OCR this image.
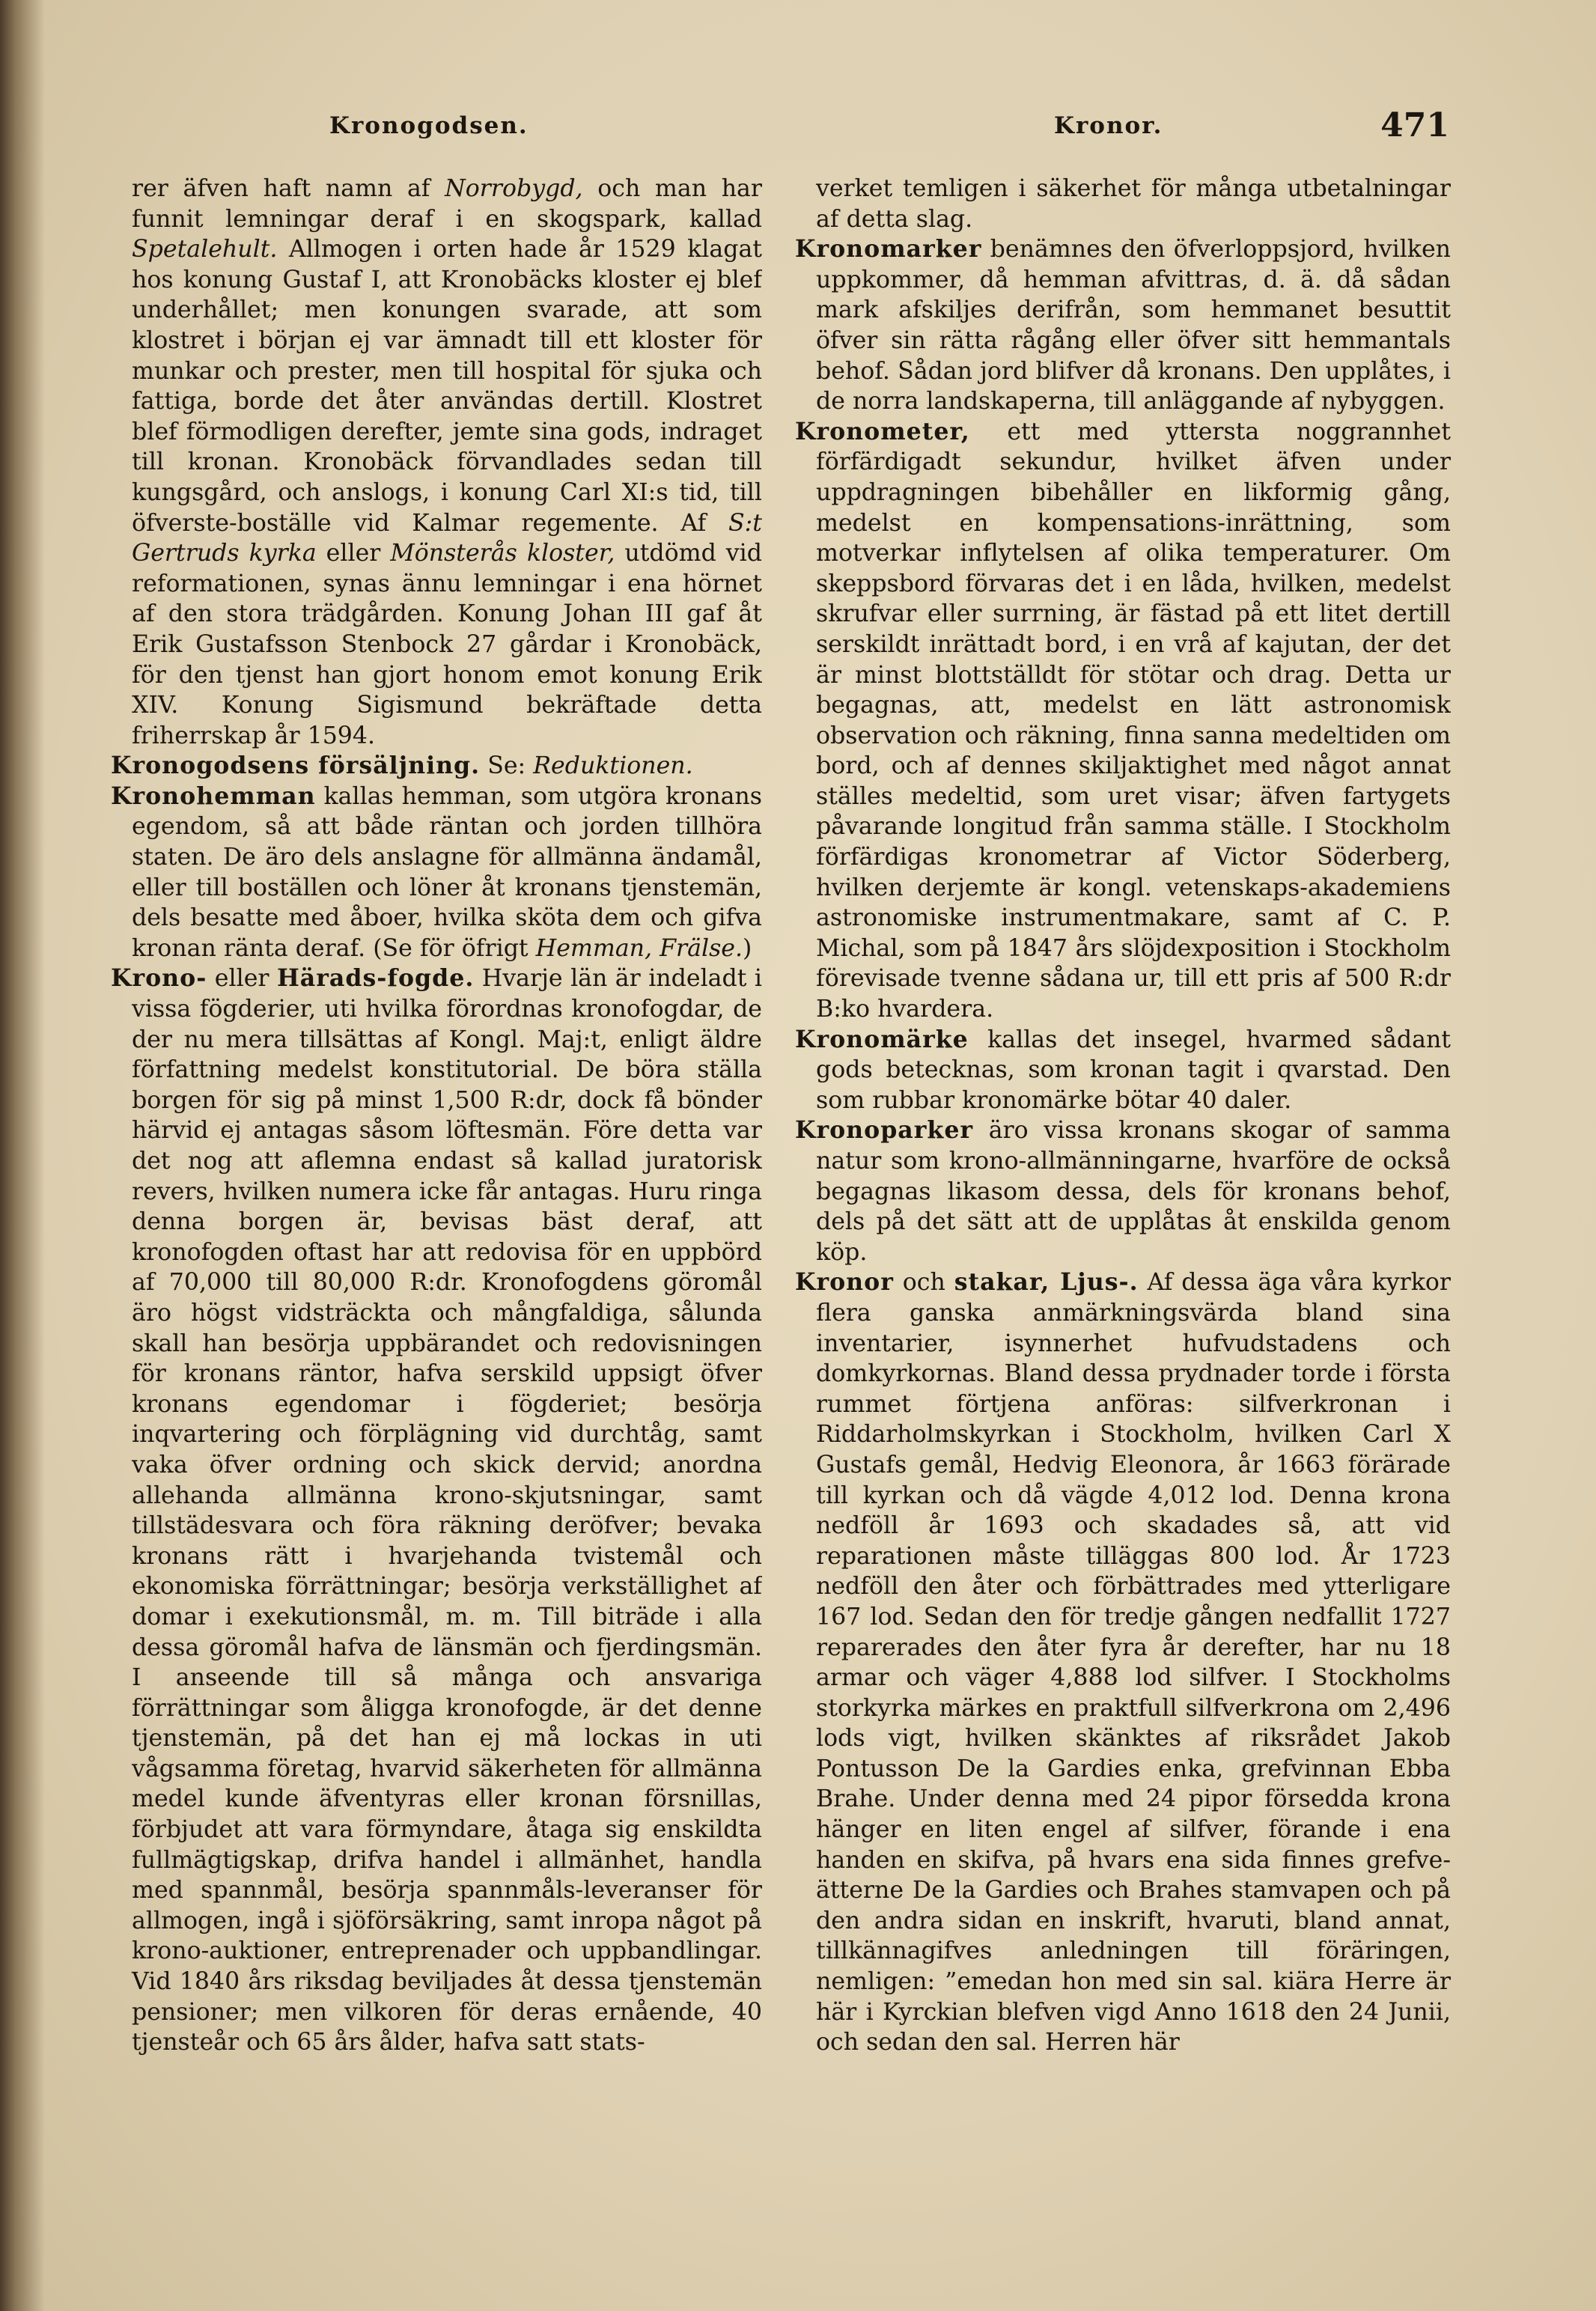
Kronogodsen.	Kronor.	471

rer äfven haft namn af Norrobygd, och man har funnit lemningar deraf i en skogspark, kallad Spetalehult. Allmogen i orten hade år 1529 klagat hos konung Gustaf I, att Kronobäcks kloster ej blef underhållet; men konungen svarade, att som klostret i början ej var ämnadt till ett kloster för munkar och prester, men till hospital för sjuka och fattiga, borde det åter användas dertill. Klostret blef förmodligen derefter, jemte sina gods, indraget till kronan. Kronobäck förvandlades sedan till kungsgård, och anslogs, i konung Carl XI:s tid, till öfverste-boställe vid Kalmar regemente. Af S:t Gertruds kyrka eller Mönsterås kloster, utdömd vid reformationen, synas ännu lemningar i ena hörnet af den stora trädgården. Konung Johan III gaf åt Erik Gustafsson Stenbock 27 gårdar i Kronobäck, för den tjenst han gjort honom emot konung Erik XIV. Konung Sigismund bekräftade detta friherrskap år 1594.

Kronogodsens försäljning. Se: Reduktionen.

Kronohemman kallas hemman, som utgöra kronans egendom, så att både räntan och jorden tillhöra staten. De äro dels anslagne för allmänna ändamål, eller till boställen och löner åt kronans tjenstemän, dels besatte med åboer, hvilka sköta dem och gifva kronan ränta deraf. (Se för öfrigt Hemman, Frälse.)

Krono- eller Härads-fogde. Hvarje län är indeladt i vissa fögderier, uti hvilka förordnas kronofogdar, de der nu mera tillsättas af Kongl. Maj:t, enligt äldre författning medelst konstitutorial. De böra ställa borgen för sig på minst 1,500 R:dr, dock få bönder härvid ej antagas såsom löftesmän. Före detta var det nog att aflemna endast så kallad juratorisk revers, hvilken numera icke får antagas. Huru ringa denna borgen är, bevisas bäst deraf, att kronofogden oftast har att redovisa för en uppbörd af 70,000 till 80,000 R:dr. Kronofogdens göromål äro högst vidsträckta och mångfaldiga, sålunda skall han besörja uppbärandet och redovisningen för kronans räntor, hafva serskild uppsigt öfver kronans egendomar i fögderiet; besörja inqvartering och förplägning vid durchtåg, samt vaka öfver ordning och skick dervid; anordna allehanda allmänna krono-skjutsningar, samt tillstädesvara och föra räkning deröfver; bevaka kronans rätt i hvarjehanda tvistemål och ekonomiska förrättningar; besörja verkställighet af domar i exekutionsmål, m. m. Till biträde i alla dessa göromål hafva de länsmän och fjerdingsmän. I anseende till så många och ansvariga förrättningar som åligga kronofogde, är det denne tjenstemän, på det han ej må lockas in uti vågsamma företag, hvarvid säkerheten för allmänna medel kunde äfventyras eller kronan försnillas, förbjudet att vara förmyndare, åtaga sig enskildta fullmägtigskap, drifva handel i allmänhet, handla med spannmål, besörja spannmåls-leveranser för allmogen, ingå i sjöförsäkring, samt inropa något på krono-auktioner, entreprenader och uppbandlingar. Vid 1840 års riksdag beviljades åt dessa tjenstemän pensioner; men vilkoren för deras ernående, 40 tjensteår och 65 års ålder, hafva satt stats-

verket temligen i säkerhet för många utbetalningar af detta slag.

Kronomarker benämnes den öfverloppsjord, hvilken uppkommer, då hemman afvittras, d. ä. då sådan mark afskiljes derifrån, som hemmanet besuttit öfver sin rätta rågång eller öfver sitt hemmantals behof. Sådan jord blifver då kronans. Den upplåtes, i de norra landskaperna, till anläggande af nybyggen.

Kronometer, ett med yttersta noggrannhet förfärdigadt sekundur, hvilket äfven under uppdragningen bibehåller en likformig gång, medelst en kompensations-inrättning, som motverkar inflytelsen af olika temperaturer. Om skeppsbord förvaras det i en låda, hvilken, medelst skrufvar eller surrning, är fästad på ett litet dertill serskildt inrättadt bord, i en vrå af kajutan, der det är minst blottställdt för stötar och drag. Detta ur begagnas, att, medelst en lätt astronomisk observation och räkning, finna sanna medeltiden om bord, och af dennes skiljaktighet med något annat ställes medeltid, som uret visar; äfven fartygets påvarande longitud från samma ställe. I Stockholm förfärdigas kronometrar af Victor Söderberg, hvilken derjemte är kongl. vetenskaps-akademiens astronomiske instrumentmakare, samt af C. P. Michal, som på 1847 års slöjdexposition i Stockholm förevisade tvenne sådana ur, till ett pris af 500 R:dr B:ko hvardera.

Kronomärke kallas det insegel, hvarmed sådant gods betecknas, som kronan tagit i qvarstad. Den som rubbar kronomärke bötar 40 daler.

Kronoparker äro vissa kronans skogar of samma natur som krono-allmänningarne, hvarföre de också begagnas likasom dessa, dels för kronans behof, dels på det sätt att de upplåtas åt enskilda genom köp.

Kronor och stakar, Ljus-. Af dessa äga våra kyrkor flera ganska anmärkningsvärda bland sina inventarier, isynnerhet hufvudstadens och domkyrkornas. Bland dessa prydnader torde i första rummet förtjena anföras: silfverkronan i Riddarholmskyrkan i Stockholm, hvilken Carl X Gustafs gemål, Hedvig Eleonora, år 1663 förärade till kyrkan och då vägde 4,012 lod. Denna krona nedföll år 1693 och skadades så, att vid reparationen måste tilläggas 800 lod. År 1723 nedföll den åter och förbättrades med ytterligare 167 lod. Sedan den för tredje gången nedfallit 1727 reparerades den åter fyra år derefter, har nu 18 armar och väger 4,888 lod silfver. I Stockholms storkyrka märkes en praktfull silfverkrona om 2,496 lods vigt, hvilken skänktes af riksrådet Jakob Pontusson De la Gardies enka, grefvinnan Ebba Brahe. Under denna med 24 pipor försedda krona hänger en liten engel af silfver, förande i ena handen en skifva, på hvars ena sida finnes grefve-ätterne De la Gardies och Brahes stamvapen och på den andra sidan en inskrift, hvaruti, bland annat, tillkännagifves anledningen till föräringen, nemligen: ”emedan hon med sin sal. kiära Herre är här i Kyrckian blefven vigd Anno 1618 den 24 Junii, och sedan den sal. Herren här
